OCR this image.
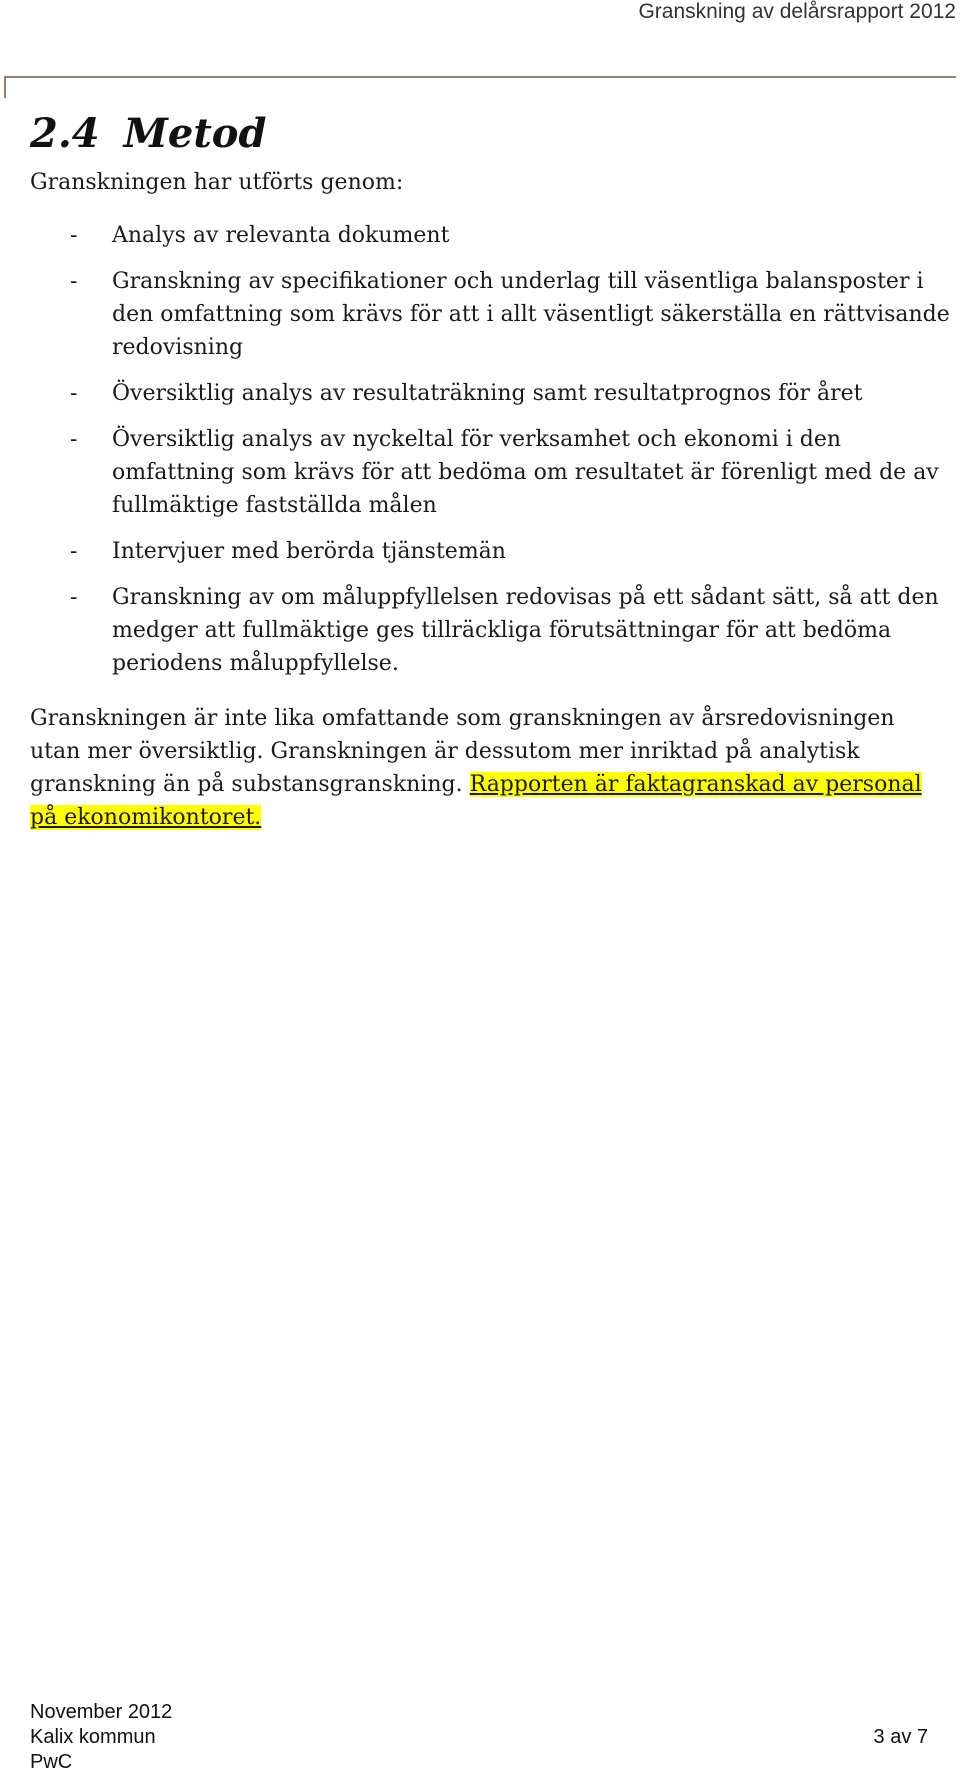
Granskning av delårsrapport 2012
2.4 Metod

Granskningen har utförts genom:

- Analys av relevanta dokument
- Granskning av specifikationer och underlag till väsentliga balansposter i den omfattning som krävs för att i allt väsentligt säkerställa en rättvisande redovisning
- Översiktlig analys av resultaträkning samt resultatprognos för året
- Översiktlig analys av nyckeltal för verksamhet och ekonomi i den omfattning som krävs för att bedöma om resultatet är förenligt med de av fullmäktige fastställda målen
- Intervjuer med berörda tjänstemän
- Granskning av om måluppfyllelsen redovisas på ett sådant sätt, så att den medger att fullmäktige ges tillräckliga förutsättningar för att bedöma periodens måluppfyllelse.

Granskningen är inte lika omfattande som granskningen av årsredovisningen utan mer översiktlig. Granskningen är dessutom mer inriktad på analytisk granskning än på substansgranskning. Rapporten är faktagranskad av personal på ekonomikontoret.

November 2012
Kalix kommun	3 av 7
PwC
